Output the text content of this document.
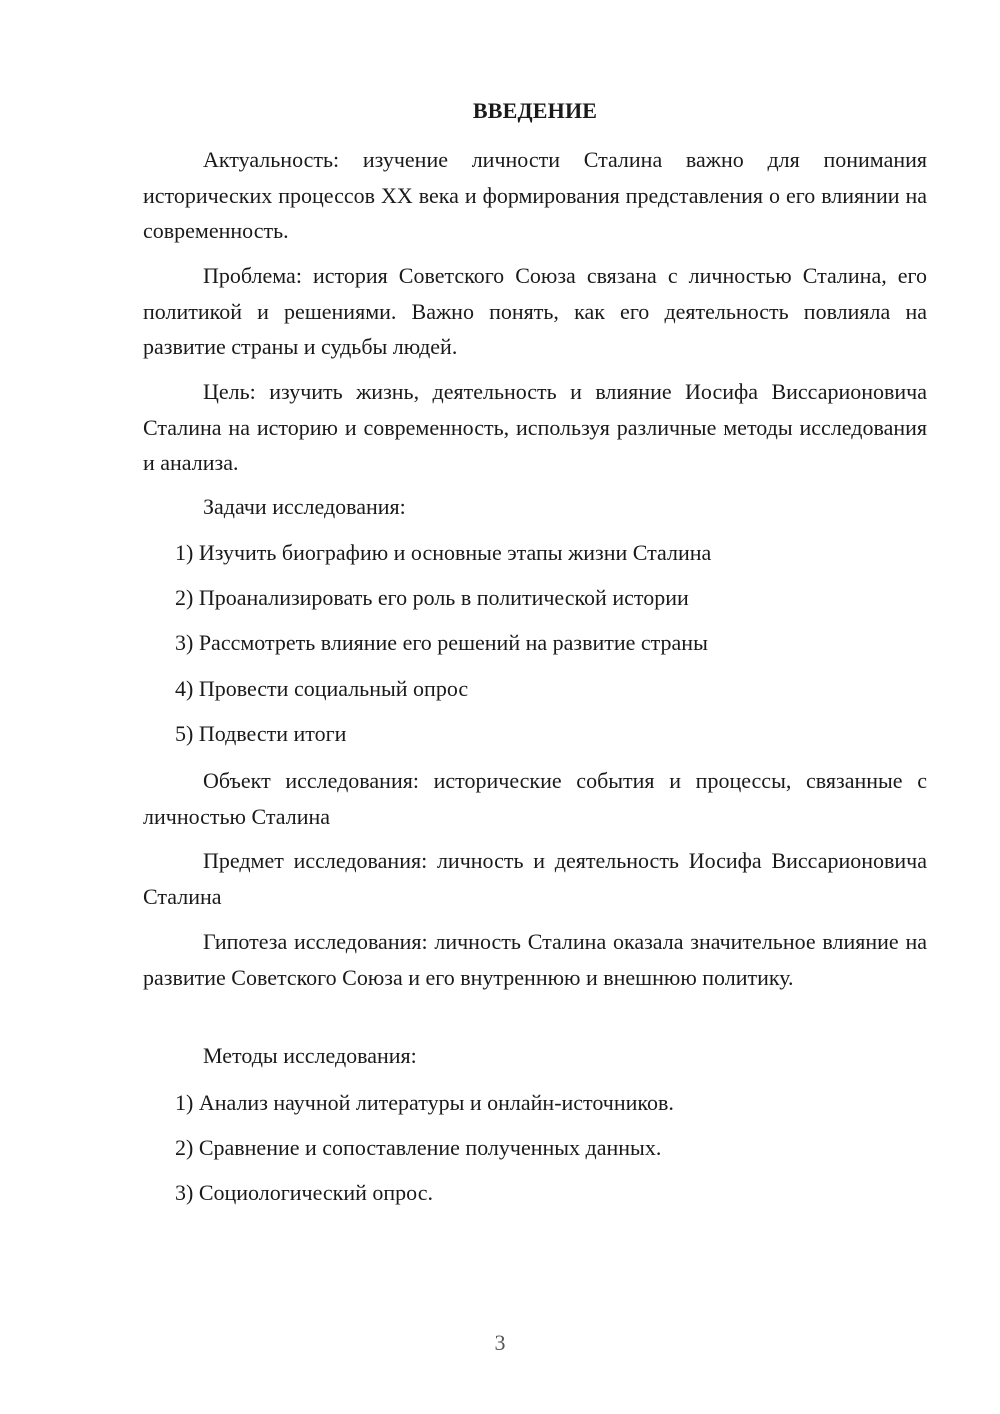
ВВЕДЕНИЕ
Актуальность: изучение личности Сталина важно для понимания исторических процессов XX века и формирования представления о его влиянии на современность.
Проблема: история Советского Союза связана с личностью Сталина, его политикой и решениями. Важно понять, как его деятельность повлияла на развитие страны и судьбы людей.
Цель: изучить жизнь, деятельность и влияние Иосифа Виссарионовича Сталина на историю и современность, используя различные методы исследования и анализа.
Задачи исследования:
1) Изучить биографию и основные этапы жизни Сталина
2) Проанализировать его роль в политической истории
3) Рассмотреть влияние его решений на развитие страны
4) Провести социальный опрос
5) Подвести итоги
Объект исследования: исторические события и процессы, связанные с личностью Сталина
Предмет исследования: личность и деятельность Иосифа Виссарионовича Сталина
Гипотеза исследования: личность Сталина оказала значительное влияние на развитие Советского Союза и его внутреннюю и внешнюю политику.
Методы исследования:
1) Анализ научной литературы и онлайн-источников.
2) Сравнение и сопоставление полученных данных.
3) Социологический опрос.
3
